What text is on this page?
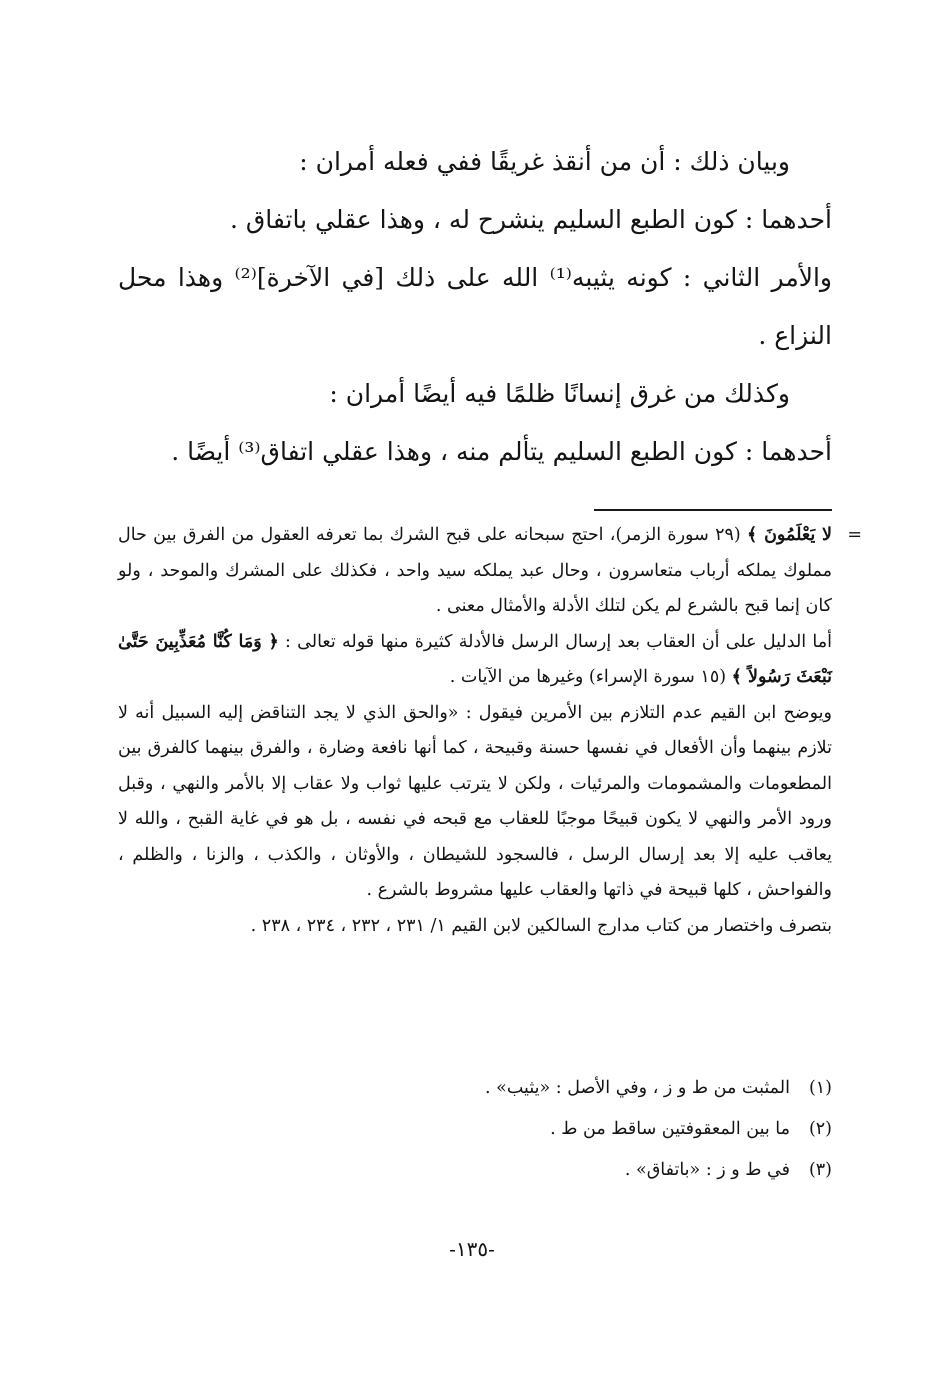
وبيان ذلك : أن من أنقذ غريقًا ففي فعله أمران :

أحدهما : كون الطبع السليم ينشرح له ، وهذا عقلي باتفاق .

والأمر الثاني : كونه يثيبه⁽¹⁾ الله على ذلك [في الآخرة]⁽²⁾ وهذا محل النزاع .

وكذلك من غرق إنسانًا ظلمًا فيه أيضًا أمران :

أحدهما : كون الطبع السليم يتألم منه ، وهذا عقلي اتفاق⁽³⁾ أيضًا .

=
لا يَعْلَمُونَ ﴾ (٢٩ سورة الزمر)، احتج سبحانه على قبح الشرك بما تعرفه العقول من الفرق بين حال مملوك يملكه أرباب متعاسرون ، وحال عبد يملكه سيد واحد ، فكذلك على المشرك والموحد ، ولو كان إنما قبح بالشرع لم يكن لتلك الأدلة والأمثال معنى .

أما الدليل على أن العقاب بعد إرسال الرسل فالأدلة كثيرة منها قوله تعالى : ﴿ وَمَا كُنَّا مُعَذِّبِينَ حَتَّىٰ نَبْعَثَ رَسُولاً ﴾ (١٥ سورة الإسراء) وغيرها من الآيات .

ويوضح ابن القيم عدم التلازم بين الأمرين فيقول : «والحق الذي لا يجد التناقض إليه السبيل أنه لا تلازم بينهما وأن الأفعال في نفسها حسنة وقبيحة ، كما أنها نافعة وضارة ، والفرق بينهما كالفرق بين المطعومات والمشمومات والمرئيات ، ولكن لا يترتب عليها ثواب ولا عقاب إلا بالأمر والنهي ، وقبل ورود الأمر والنهي لا يكون قبيحًا موجبًا للعقاب مع قبحه في نفسه ، بل هو في غاية القبح ، والله لا يعاقب عليه إلا بعد إرسال الرسل ، فالسجود للشيطان ، والأوثان ، والكذب ، والزنا ، والظلم ، والفواحش ، كلها قبيحة في ذاتها والعقاب عليها مشروط بالشرع .

بتصرف واختصار من كتاب مدارج السالكين لابن القيم ١/ ٢٣١ ، ٢٣٢ ، ٢٣٤ ، ٢٣٨ .

(١)
المثبت من ط و ز ، وفي الأصل : «يثيب» .

(٢)
ما بين المعقوفتين ساقط من ط .

(٣)
في ط و ز : «باتفاق» .

-١٣٥-
